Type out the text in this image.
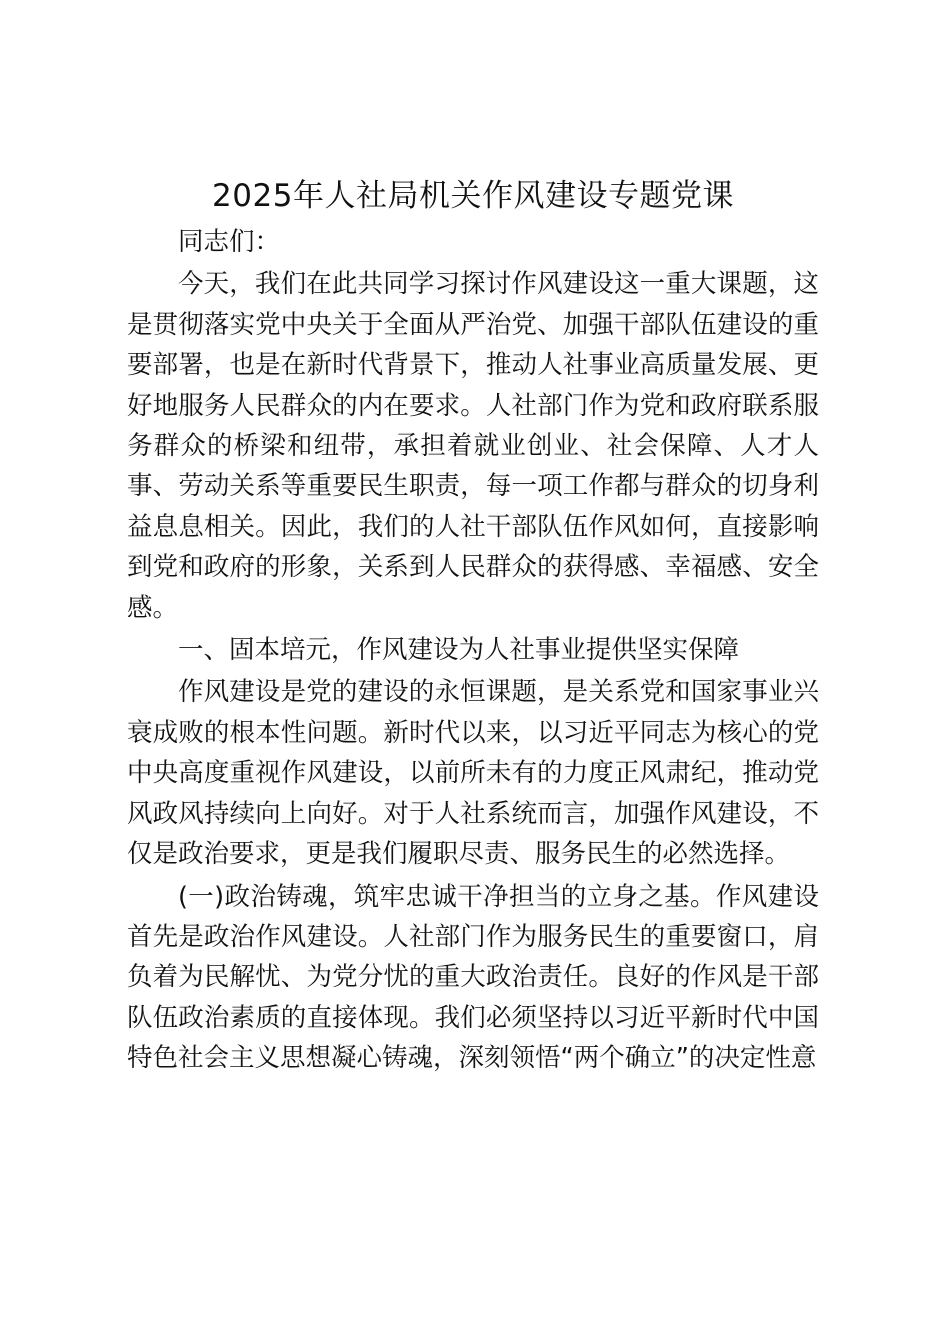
2025年人社局机关作风建设专题党课

同志们：

今天，我们在此共同学习探讨作风建设这一重大课题，这是贯彻落实党中央关于全面从严治党、加强干部队伍建设的重要部署，也是在新时代背景下，推动人社事业高质量发展、更好地服务人民群众的内在要求。人社部门作为党和政府联系服务群众的桥梁和纽带，承担着就业创业、社会保障、人才人事、劳动关系等重要民生职责，每一项工作都与群众的切身利益息息相关。因此，我们的人社干部队伍作风如何，直接影响到党和政府的形象，关系到人民群众的获得感、幸福感、安全感。

一、固本培元，作风建设为人社事业提供坚实保障

作风建设是党的建设的永恒课题，是关系党和国家事业兴衰成败的根本性问题。新时代以来，以习近平同志为核心的党中央高度重视作风建设，以前所未有的力度正风肃纪，推动党风政风持续向上向好。对于人社系统而言，加强作风建设，不仅是政治要求，更是我们履职尽责、服务民生的必然选择。

(一)政治铸魂，筑牢忠诚干净担当的立身之基。作风建设首先是政治作风建设。人社部门作为服务民生的重要窗口，肩负着为民解忧、为党分忧的重大政治责任。良好的作风是干部队伍政治素质的直接体现。我们必须坚持以习近平新时代中国特色社会主义思想凝心铸魂，深刻领悟“两个确立”的决定性意
